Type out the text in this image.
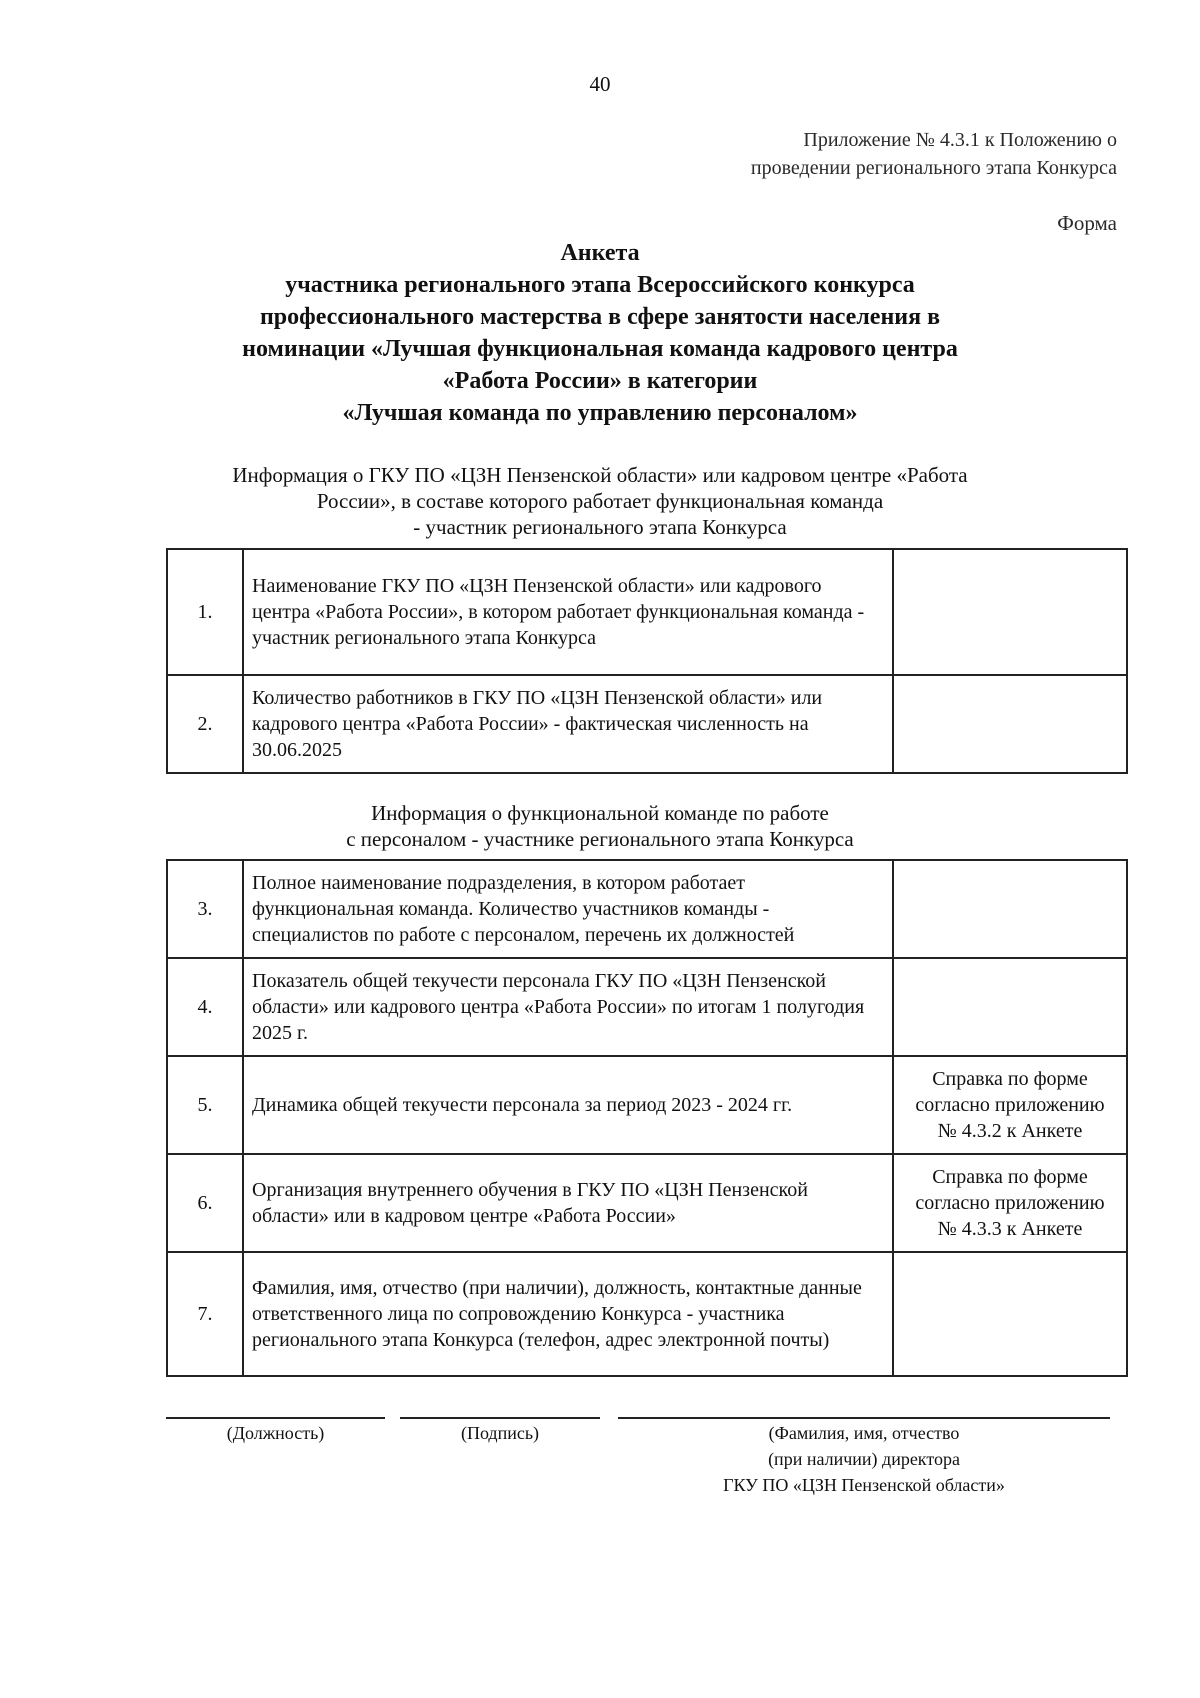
40
Приложение № 4.3.1 к Положению о
проведении регионального этапа Конкурса
Форма
Анкета
участника регионального этапа Всероссийского конкурса
профессионального мастерства в сфере занятости населения в
номинации «Лучшая функциональная команда кадрового центра
«Работа России» в категории
«Лучшая команда по управлению персоналом»
Информация о ГКУ ПО «ЦЗН Пензенской области» или кадровом центре «Работа
России», в составе которого работает функциональная команда
- участник регионального этапа Конкурса
1.	Наименование ГКУ ПО «ЦЗН Пензенской области» или кадрового центра «Работа России», в котором работает функциональная команда - участник регионального этапа Конкурса	
2.	Количество работников в ГКУ ПО «ЦЗН Пензенской области» или кадрового центра «Работа России» - фактическая численность на 30.06.2025	
Информация о функциональной команде по работе
с персоналом - участнике регионального этапа Конкурса
3.	Полное наименование подразделения, в котором работает функциональная команда. Количество участников команды - специалистов по работе с персоналом, перечень их должностей	
4.	Показатель общей текучести персонала ГКУ ПО «ЦЗН Пензенской области» или кадрового центра «Работа России» по итогам 1 полугодия 2025 г.	
5.	Динамика общей текучести персонала за период 2023 - 2024 гг.	Справка по форме согласно приложению № 4.3.2 к Анкете
6.	Организация внутреннего обучения в ГКУ ПО «ЦЗН Пензенской области» или в кадровом центре «Работа России»	Справка по форме согласно приложению № 4.3.3 к Анкете
7.	Фамилия, имя, отчество (при наличии), должность, контактные данные ответственного лица по сопровождению Конкурса - участника регионального этапа Конкурса (телефон, адрес электронной почты)	
(Должность)	(Подпись)	(Фамилия, имя, отчество
(при наличии) директора
ГКУ ПО «ЦЗН Пензенской области»
